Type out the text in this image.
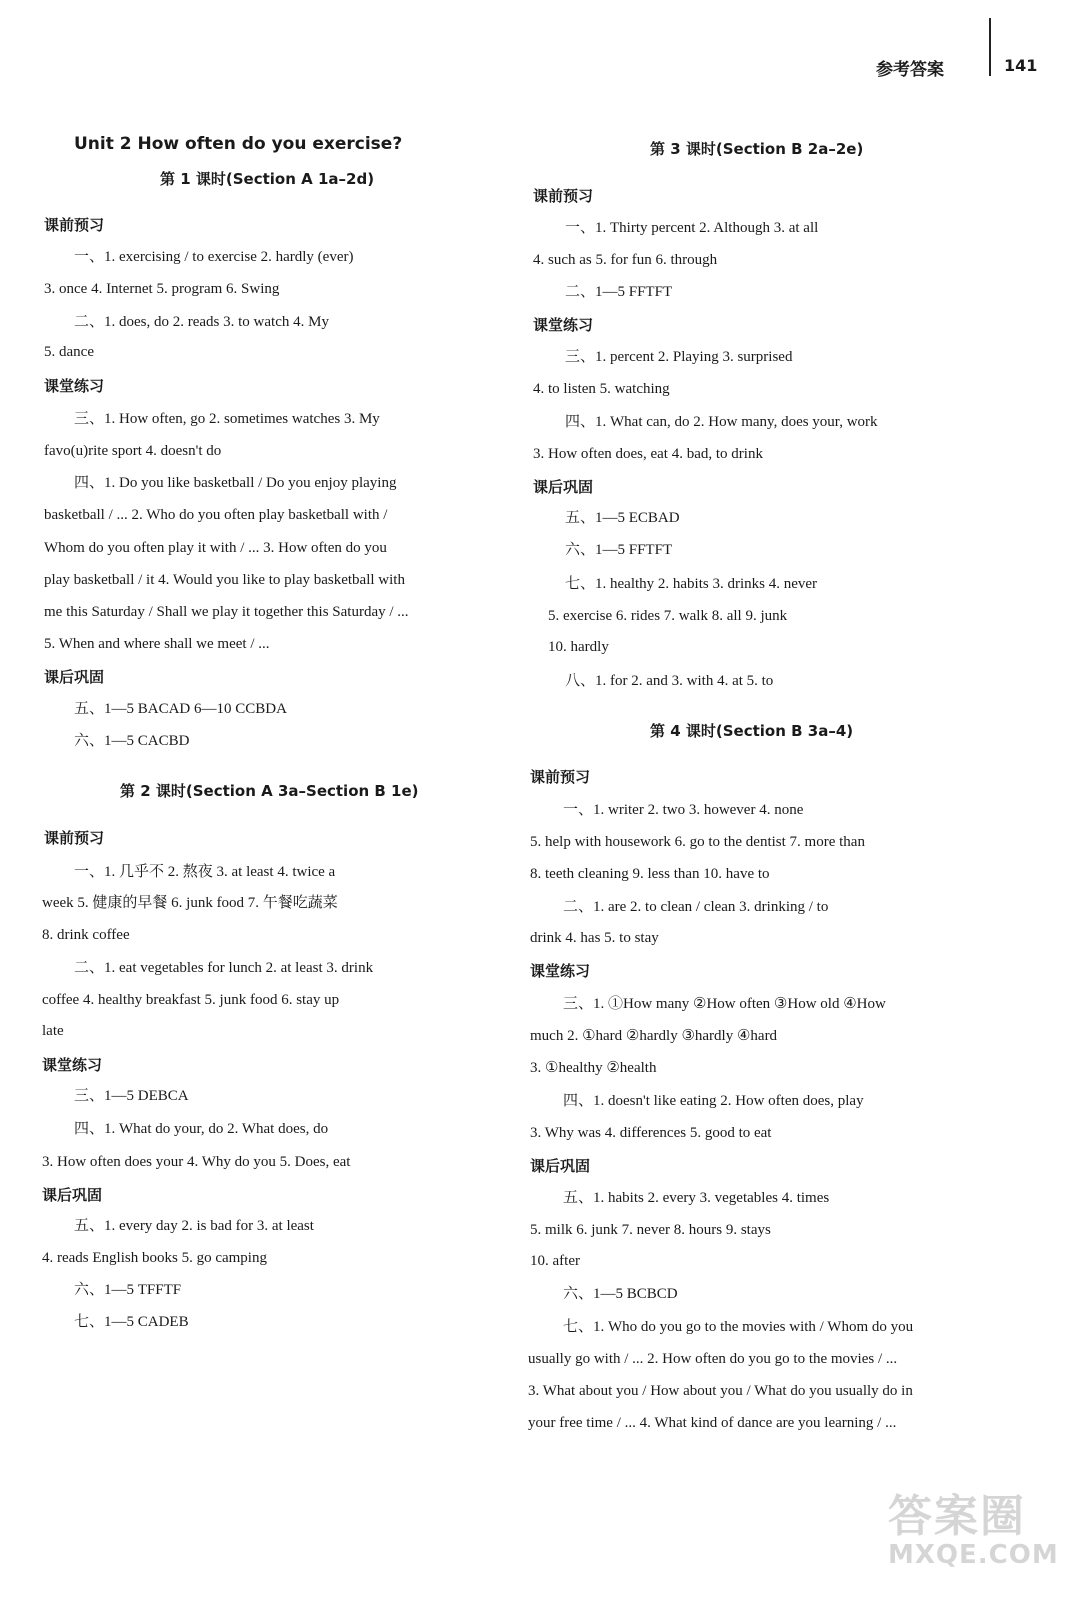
参考答案	141
Unit 2 How often do you exercise?
第 1 课时(Section A 1a–2d)
课前预习
一、1. exercising / to exercise 2. hardly (ever)
3. once 4. Internet 5. program 6. Swing
二、1. does, do 2. reads 3. to watch 4. My
5. dance
课堂练习
三、1. How often, go 2. sometimes watches 3. My
favo(u)rite sport 4. doesn't do
四、1. Do you like basketball / Do you enjoy playing
basketball / ... 2. Who do you often play basketball with /
Whom do you often play it with / ... 3. How often do you
play basketball / it 4. Would you like to play basketball with
me this Saturday / Shall we play it together this Saturday / ...
5. When and where shall we meet / ...
课后巩固
五、1—5 BACAD 6—10 CCBDA
六、1—5 CACBD
第 2 课时(Section A 3a–Section B 1e)
课前预习
一、1. 几乎不 2. 熬夜 3. at least 4. twice a
week 5. 健康的早餐 6. junk food 7. 午餐吃蔬菜
8. drink coffee
二、1. eat vegetables for lunch 2. at least 3. drink
coffee 4. healthy breakfast 5. junk food 6. stay up
late
课堂练习
三、1—5 DEBCA
四、1. What do your, do 2. What does, do
3. How often does your 4. Why do you 5. Does, eat
课后巩固
五、1. every day 2. is bad for 3. at least
4. reads English books 5. go camping
六、1—5 TFFTF
七、1—5 CADEB
第 3 课时(Section B 2a–2e)
课前预习
一、1. Thirty percent 2. Although 3. at all
4. such as 5. for fun 6. through
二、1—5 FFTFT
课堂练习
三、1. percent 2. Playing 3. surprised
4. to listen 5. watching
四、1. What can, do 2. How many, does your, work
3. How often does, eat 4. bad, to drink
课后巩固
五、1—5 ECBAD
六、1—5 FFTFT
七、1. healthy 2. habits 3. drinks 4. never
5. exercise 6. rides 7. walk 8. all 9. junk
10. hardly
八、1. for 2. and 3. with 4. at 5. to
第 4 课时(Section B 3a–4)
课前预习
一、1. writer 2. two 3. however 4. none
5. help with housework 6. go to the dentist 7. more than
8. teeth cleaning 9. less than 10. have to
二、1. are 2. to clean / clean 3. drinking / to
drink 4. has 5. to stay
课堂练习
三、1. ①How many ②How often ③How old ④How
much 2. ①hard ②hardly ③hardly ④hard
3. ①healthy ②health
四、1. doesn't like eating 2. How often does, play
3. Why was 4. differences 5. good to eat
课后巩固
五、1. habits 2. every 3. vegetables 4. times
5. milk 6. junk 7. never 8. hours 9. stays
10. after
六、1—5 BCBCD
七、1. Who do you go to the movies with / Whom do you
usually go with / ... 2. How often do you go to the movies / ...
3. What about you / How about you / What do you usually do in
your free time / ... 4. What kind of dance are you learning / ...
答案圈
MXQE.COM
